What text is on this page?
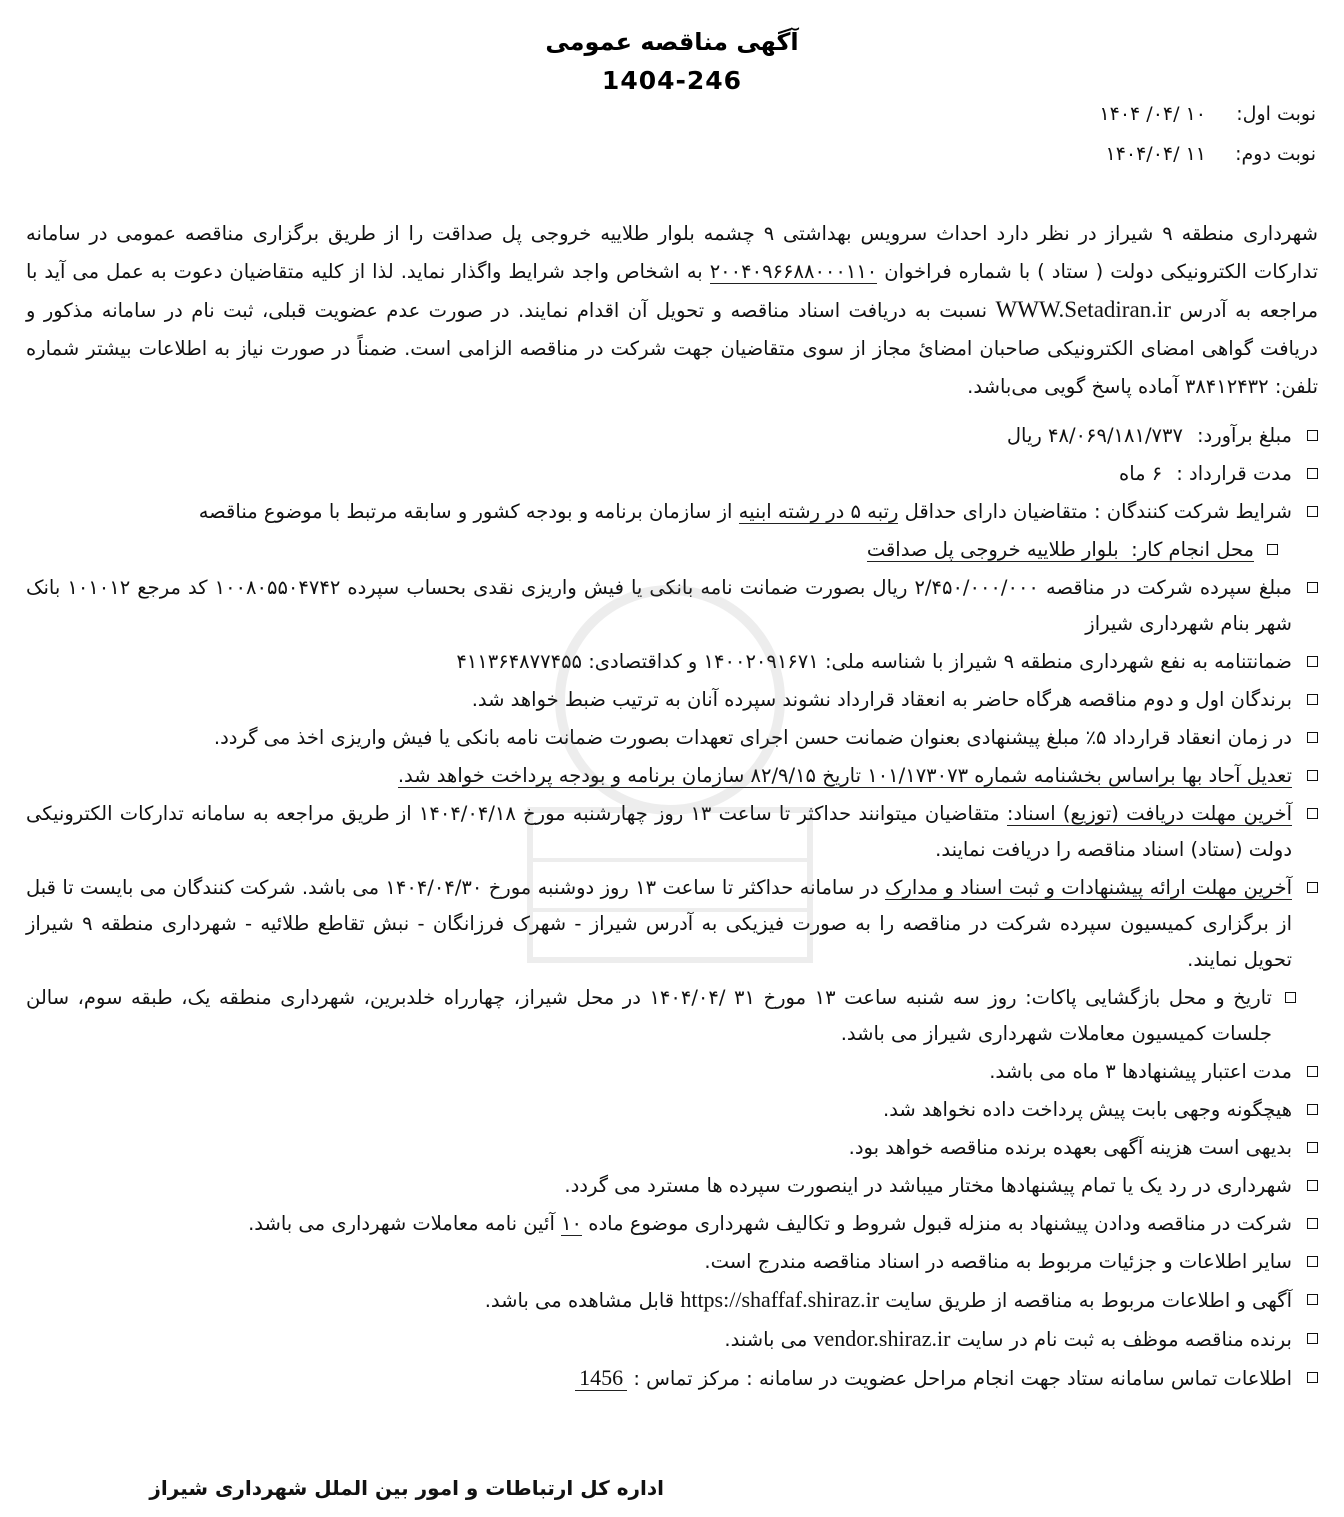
آگهی مناقصه عمومی
1404-246
نوبت اول:۱۰ /۰۴/ ۱۴۰۴
نوبت دوم:۱۱ /۱۴۰۴/۰۴
شهرداری منطقه ۹ شیراز در نظر دارد احداث سرویس بهداشتی ۹ چشمه بلوار طلاییه خروجی پل صداقت را از طریق برگزاری مناقصه عمومی در سامانه تدارکات الکترونیکی دولت ( ستاد ) با شماره فراخوان ۲۰۰۴۰۹۶۶۸۸۰۰۰۱۱۰ به اشخاص واجد شرایط واگذار نماید. لذا از کلیه متقاضیان دعوت به عمل می آید با مراجعه به آدرس WWW.Setadiran.ir نسبت به دریافت اسناد مناقصه و تحویل آن اقدام نمایند. در صورت عدم عضویت قبلی، ثبت نام در سامانه مذکور و دریافت گواهی امضای الکترونیکی صاحبان امضائ مجاز از سوی متقاضیان جهت شرکت در مناقصه الزامی است. ضمناً در صورت نیاز به اطلاعات بیشتر شماره تلفن: ۳۸۴۱۲۴۳۲ آماده پاسخ گویی می‌باشد.
مبلغ برآورد:۴۸/۰۶۹/۱۸۱/۷۳۷ ریال
مدت قرارداد :۶ ماه
شرایط شرکت کنندگان : متقاضیان دارای حداقل رتبه ۵ در رشته ابنیه از سازمان برنامه و بودجه کشور و سابقه مرتبط با موضوع مناقصه
محل انجام کار:  بلوار طلاییه خروجی پل صداقت
مبلغ سپرده شرکت در مناقصه ۲/۴۵۰/۰۰۰/۰۰۰ ریال بصورت ضمانت نامه بانکی یا فیش واریزی نقدی بحساب سپرده ۱۰۰۸۰۵۵۰۴۷۴۲ کد مرجع ۱۰۱۰۱۲ بانک شهر بنام شهرداری شیراز
ضمانتنامه به نفع شهرداری منطقه ۹ شیراز با شناسه ملی: ۱۴۰۰۲۰۹۱۶۷۱ و کداقتصادی: ۴۱۱۳۶۴۸۷۷۴۵۵
برندگان اول و دوم مناقصه هرگاه حاضر به انعقاد قرارداد نشوند سپرده آنان به ترتیب ضبط خواهد شد.
در زمان انعقاد قرارداد ۵٪ مبلغ پیشنهادی بعنوان ضمانت حسن اجرای تعهدات بصورت ضمانت نامه بانکی یا فیش واریزی اخذ می گردد.
تعدیل آحاد بها براساس بخشنامه شماره ۱۰۱/۱۷۳۰۷۳ تاریخ ۸۲/۹/۱۵ سازمان برنامه و بودجه پرداخت خواهد شد.
آخرین مهلت دریافت (توزیع) اسناد: متقاضیان میتوانند حداکثر تا ساعت ۱۳ روز چهارشنبه مورخ ۱۴۰۴/۰۴/۱۸ از طریق مراجعه به سامانه تدارکات الکترونیکی دولت (ستاد) اسناد مناقصه را دریافت نمایند.
آخرین مهلت ارائه پیشنهادات و ثبت اسناد و مدارک در سامانه حداکثر تا ساعت ۱۳ روز دوشنبه مورخ ۱۴۰۴/۰۴/۳۰ می باشد. شرکت کنندگان می بایست تا قبل از برگزاری کمیسیون سپرده شرکت در مناقصه را به صورت فیزیکی به آدرس شیراز - شهرک فرزانگان - نبش تقاطع طلائیه - شهرداری منطقه ۹ شیراز تحویل نمایند.
تاریخ و محل بازگشایی پاکات: روز سه شنبه ساعت ۱۳ مورخ ۳۱ /۱۴۰۴/۰۴ در محل شیراز، چهارراه خلدبرین، شهرداری منطقه یک، طبقه سوم، سالن جلسات کمیسیون معاملات شهرداری شیراز می باشد.
مدت اعتبار پیشنهادها ۳ ماه می باشد.
هیچگونه وجهی بابت پیش پرداخت داده نخواهد شد.
بدیهی است هزینه آگهی بعهده برنده مناقصه خواهد بود.
شهرداری در رد یک یا تمام پیشنهادها مختار میباشد در اینصورت سپرده ها مسترد می گردد.
شرکت در مناقصه ودادن پیشنهاد به منزله قبول شروط و تکالیف شهرداری موضوع ماده ۱۰ آئین نامه معاملات شهرداری می باشد.
سایر اطلاعات و جزئیات مربوط به مناقصه در اسناد مناقصه مندرج است.
آگهی و اطلاعات مربوط به مناقصه از طریق سایت https://shaffaf.shiraz.ir قابل مشاهده می باشد.
برنده مناقصه موظف به ثبت نام در سایت vendor.shiraz.ir می باشند.
اطلاعات تماس سامانه ستاد جهت انجام مراحل عضویت در سامانه : مرکز تماس : 1456
اداره کل ارتباطات و امور بین الملل شهرداری شیراز
